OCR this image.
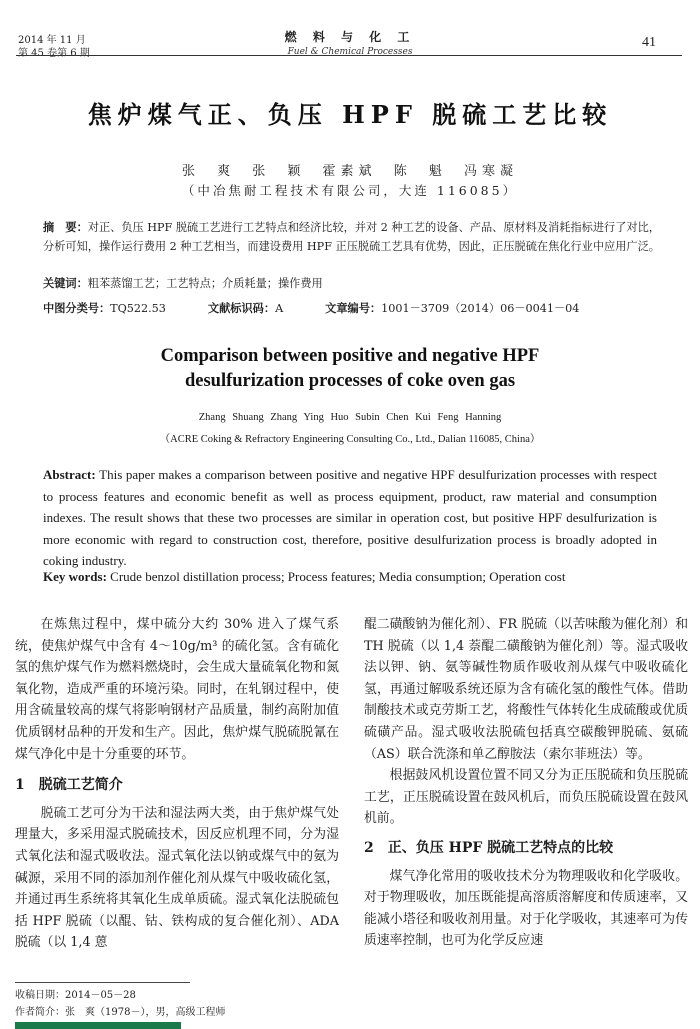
2014 年 11 月
第 45 卷第 6 期
燃 料 与 化 工
Fuel & Chemical Processes
41
焦炉煤气正、负压 HPF 脱硫工艺比较
张 爽 张 颖 霍素斌 陈 魁 冯寒凝
（中冶焦耐工程技术有限公司，大连 116085）
摘　要：对正、负压 HPF 脱硫工艺进行工艺特点和经济比较，并对 2 种工艺的设备、产品、原材料及消耗指标进行了对比，分析可知，操作运行费用 2 种工艺相当，而建设费用 HPF 正压脱硫工艺具有优势，因此，正压脱硫在焦化行业中应用广泛。
关键词：粗苯蒸馏工艺；工艺特点；介质耗量；操作费用
中图分类号：TQ522.53	文献标识码：A	文章编号：1001－3709（2014）06－0041－04
Comparison between positive and negative HPF
desulfurization processes of coke oven gas
Zhang Shuang Zhang Ying Huo Subin Chen Kui Feng Hanning
（ACRE Coking & Refractory Engineering Consulting Co., Ltd., Dalian 116085, China）
Abstract: This paper makes a comparison between positive and negative HPF desulfurization processes with respect to process features and economic benefit as well as process equipment, product, raw material and consumption indexes. The result shows that these two processes are similar in operation cost, but positive HPF desulfurization is more economic with regard to construction cost, therefore, positive desulfurization process is broadly adopted in coking industry.
Key words: Crude benzol distillation process; Process features; Media consumption; Operation cost

在炼焦过程中，煤中硫分大约 30% 进入了煤气系统，使焦炉煤气中含有 4～10g/m³ 的硫化氢。含有硫化氢的焦炉煤气作为燃料燃烧时，会生成大量硫氧化物和氮氧化物，造成严重的环境污染。同时，在轧钢过程中，使用含硫量较高的煤气将影响钢材产品质量，制约高附加值优质钢材品种的开发和生产。因此，焦炉煤气脱硫脱氰在煤气净化中是十分重要的环节。

1　脱硫工艺简介

脱硫工艺可分为干法和湿法两大类，由于焦炉煤气处理量大，多采用湿式脱硫技术，因反应机理不同，分为湿式氧化法和湿式吸收法。湿式氧化法以钠或煤气中的氨为碱源，采用不同的添加剂作催化剂从煤气中吸收硫化氢，并通过再生系统将其氧化生成单质硫。湿式氧化法脱硫包括 HPF 脱硫（以醌、钴、铁构成的复合催化剂）、ADA 脱硫（以 1,4 蒽

醌二磺酸钠为催化剂）、FR 脱硫（以苦味酸为催化剂）和 TH 脱硫（以 1,4 萘醌二磺酸钠为催化剂）等。湿式吸收法以钾、钠、氨等碱性物质作吸收剂从煤气中吸收硫化氢，再通过解吸系统还原为含有硫化氢的酸性气体。借助制酸技术或克劳斯工艺，将酸性气体转化生成硫酸或优质硫磺产品。湿式吸收法脱硫包括真空碳酸钾脱硫、氨硫（AS）联合洗涤和单乙醇胺法（索尔菲班法）等。

根据鼓风机设置位置不同又分为正压脱硫和负压脱硫工艺，正压脱硫设置在鼓风机后，而负压脱硫设置在鼓风机前。

2　正、负压 HPF 脱硫工艺特点的比较

煤气净化常用的吸收技术分为物理吸收和化学吸收。对于物理吸收，加压既能提高溶质溶解度和传质速率，又能减小塔径和吸收剂用量。对于化学吸收，其速率可为传质速率控制，也可为化学反应速

收稿日期：2014－05－28
作者简介：张　爽（1978－），男，高级工程师
